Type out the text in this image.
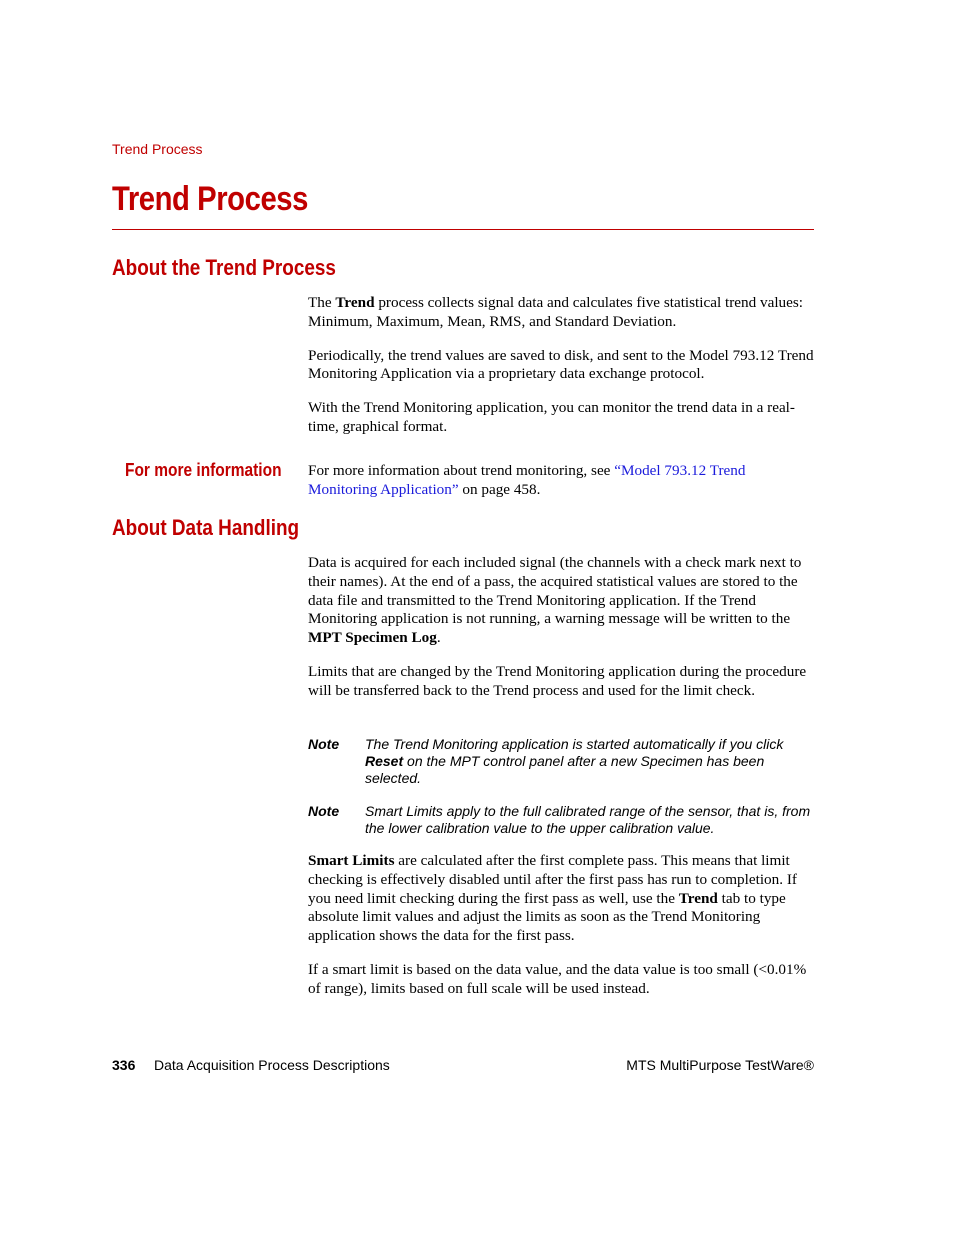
Trend Process
Trend Process
About the Trend Process

The Trend process collects signal data and calculates five statistical trend values: Minimum, Maximum, Mean, RMS, and Standard Deviation.

Periodically, the trend values are saved to disk, and sent to the Model 793.12 Trend Monitoring Application via a proprietary data exchange protocol.

With the Trend Monitoring application, you can monitor the trend data in a real-time, graphical format.

For more information For more information about trend monitoring, see “Model 793.12 Trend Monitoring Application” on page 458.

About Data Handling

Data is acquired for each included signal (the channels with a check mark next to their names). At the end of a pass, the acquired statistical values are stored to the data file and transmitted to the Trend Monitoring application. If the Trend Monitoring application is not running, a warning message will be written to the MPT Specimen Log.

Limits that are changed by the Trend Monitoring application during the procedure will be transferred back to the Trend process and used for the limit check.

Note The Trend Monitoring application is started automatically if you click Reset on the MPT control panel after a new Specimen has been selected.

Note Smart Limits apply to the full calibrated range of the sensor, that is, from the lower calibration value to the upper calibration value.

Smart Limits are calculated after the first complete pass. This means that limit checking is effectively disabled until after the first pass has run to completion. If you need limit checking during the first pass as well, use the Trend tab to type absolute limit values and adjust the limits as soon as the Trend Monitoring application shows the data for the first pass.

If a smart limit is based on the data value, and the data value is too small (<0.01% of range), limits based on full scale will be used instead.

336 Data Acquisition Process Descriptions	MTS MultiPurpose TestWare®
